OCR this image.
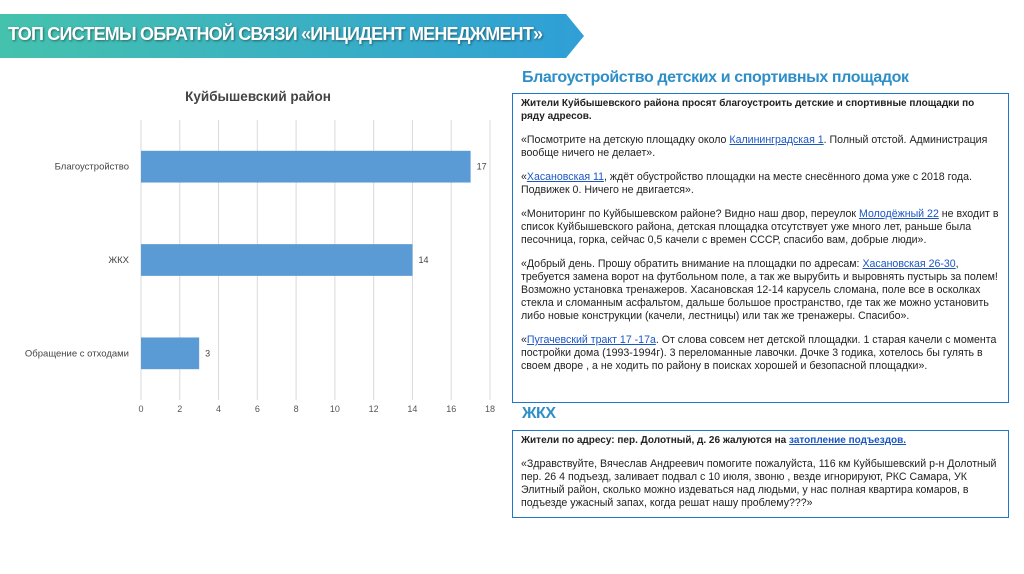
ТОП СИСТЕМЫ ОБРАТНОЙ СВЯЗИ «ИНЦИДЕНТ МЕНЕДЖМЕНТ»
Куйбышевский район
0	2	4	6	8	10	12	14	16	18
Благоустройство	17
ЖКХ	14
Обращение с отходами	3
Благоустройство детских и спортивных площадок

Жители Куйбышевского района просят благоустроить детские и спортивные площадки по ряду адресов.

«Посмотрите на детскую площадку около Калининградская 1. Полный отстой. Администрация вообще ничего не делает».

«Хасановская 11, ждёт обустройство площадки на месте снесённого дома уже с 2018 года. Подвижек 0. Ничего не двигается».

«Мониторинг по Куйбышевском районе? Видно наш двор, переулок Молодёжный 22 не входит в список Куйбышевского района, детская площадка отсутствует уже много лет, раньше была песочница, горка, сейчас 0,5 качели с времен СССР, спасибо вам, добрые люди».

«Добрый день. Прошу обратить внимание на площадки по адресам: Хасановская 26-30, требуется замена ворот на футбольном поле, а так же вырубить и выровнять пустырь за полем! Возможно установка тренажеров. Хасановская 12-14 карусель сломана, поле все в осколках стекла и сломанным асфальтом, дальше большое пространство, где так же можно установить либо новые конструкции (качели, лестницы) или так же тренажеры. Спасибо».

«Пугачевский тракт 17 -17а. От слова совсем нет детской площадки. 1 старая качели с момента постройки дома (1993-1994г). 3 переломанные лавочки. Дочке 3 годика, хотелось бы гулять в своем дворе , а не ходить по району в поисках хорошей и безопасной площадки».

ЖКХ

Жители по адресу: пер. Долотный, д. 26 жалуются на затопление подъездов.

«Здравствуйте, Вячеслав Андреевич помогите пожалуйста, 116 км Куйбышевский р-н Долотный пер. 26 4 подъезд, заливает подвал с 10 июля, звоню , везде игнорируют, РКС Самара, УК Элитный район, сколько можно издеваться над людьми, у нас полная квартира комаров, в подъезде ужасный запах, когда решат нашу проблему???»
